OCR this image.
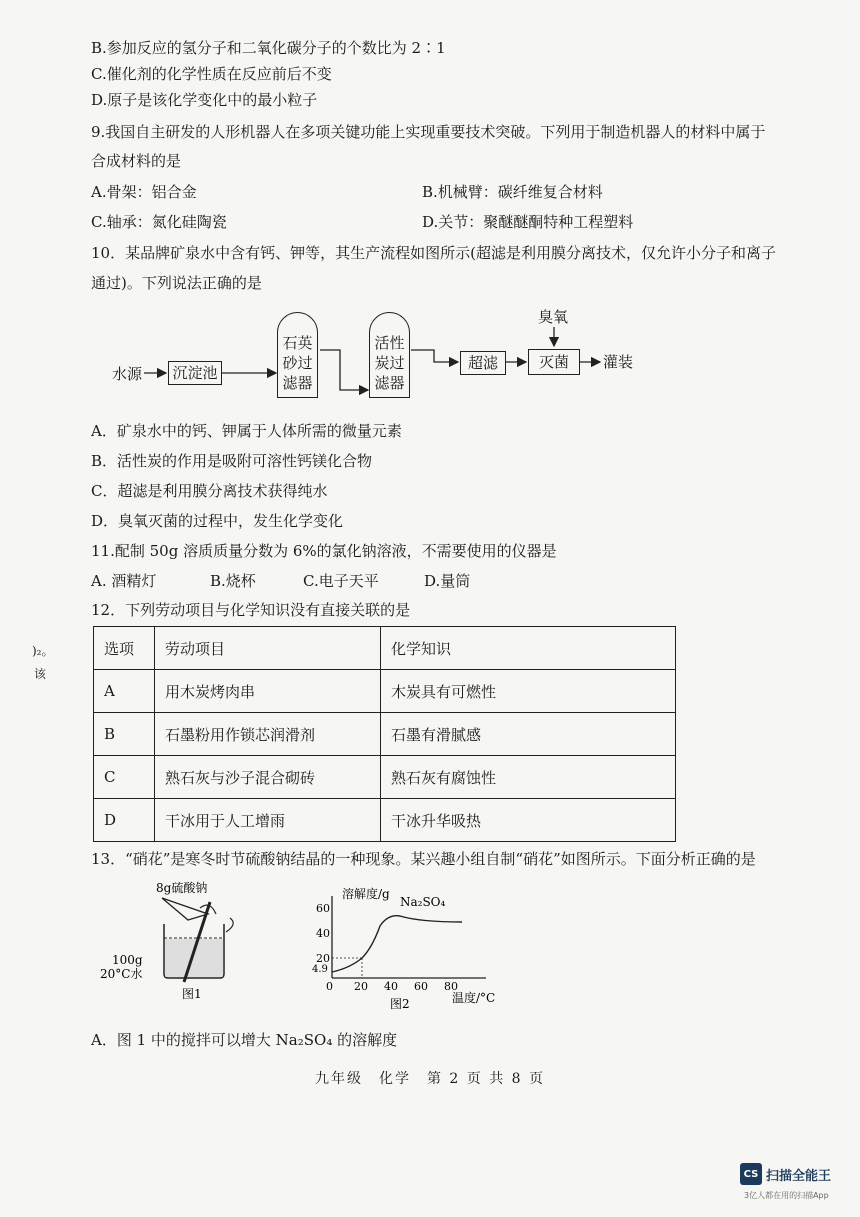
B.参加反应的氢分子和二氧化碳分子的个数比为 2∶1
C.催化剂的化学性质在反应前后不变
D.原子是该化学变化中的最小粒子
9.我国自主研发的人形机器人在多项关键功能上实现重要技术突破。下列用于制造机器人的材料中属于
合成材料的是
A.骨架：铝合金	B.机械臂：碳纤维复合材料
C.轴承：氮化硅陶瓷	D.关节：聚醚醚酮特种工程塑料
10．某品牌矿泉水中含有钙、钾等，其生产流程如图所示(超滤是利用膜分离技术，仅允许小分子和离子
通过)。下列说法正确的是
水源 沉淀池
石英
砂过
滤器
活性
炭过
滤器
超滤	灭菌
臭氧
灌装
A．矿泉水中的钙、钾属于人体所需的微量元素
B．活性炭的作用是吸附可溶性钙镁化合物
C．超滤是利用膜分离技术获得纯水
D．臭氧灭菌的过程中，发生化学变化
11.配制 50g 溶质质量分数为 6%的氯化钠溶液，不需要使用的仪器是
A. 酒精灯	B.烧杯	C.电子天平	D.量筒
12．下列劳动项目与化学知识没有直接关联的是
)₂。
该
选项	劳动项目	化学知识
A	用木炭烤肉串	木炭具有可燃性
B	石墨粉用作锁芯润滑剂	石墨有滑腻感
C	熟石灰与沙子混合砌砖	熟石灰有腐蚀性
D	干冰用于人工增雨	干冰升华吸热
13．“硝花”是寒冬时节硫酸钠结晶的一种现象。某兴趣小组自制“硝花”如图所示。下面分析正确的是
8g硫酸钠
100g
20°C水
图1
溶解度/g
60
40
20
4.9
0 20 40 60 80
Na₂SO₄
图2	温度/°C
A．图 1 中的搅拌可以增大 Na₂SO₄ 的溶解度
九年级　化学　第 2 页 共 8 页
CS 扫描全能王
3亿人都在用的扫描App
